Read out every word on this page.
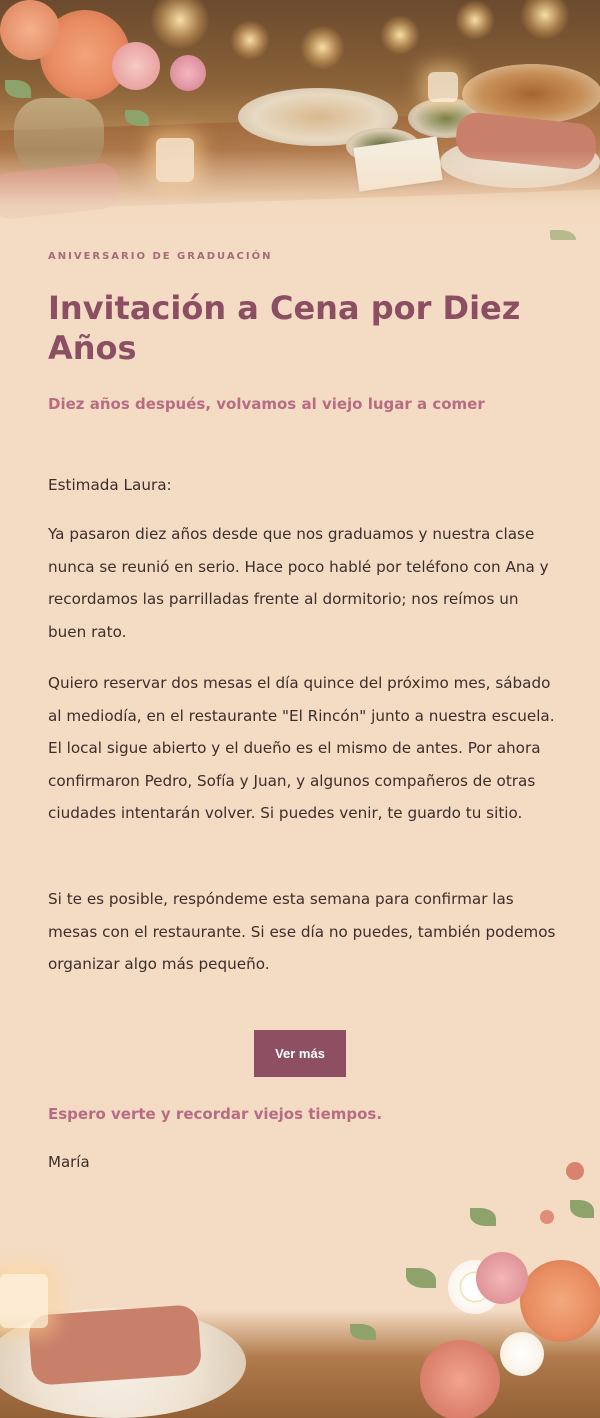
ANIVERSARIO DE GRADUACIÓN
Invitación a Cena por Diez Años

Diez años después, volvamos al viejo lugar a comer

Estimada Laura:

Ya pasaron diez años desde que nos graduamos y nuestra clase nunca se reunió en serio. Hace poco hablé por teléfono con Ana y recordamos las parrilladas frente al dormitorio; nos reímos un buen rato.

Quiero reservar dos mesas el día quince del próximo mes, sábado al mediodía, en el restaurante "El Rincón" junto a nuestra escuela. El local sigue abierto y el dueño es el mismo de antes. Por ahora confirmaron Pedro, Sofía y Juan, y algunos compañeros de otras ciudades intentarán volver. Si puedes venir, te guardo tu sitio.

Si te es posible, respóndeme esta semana para confirmar las mesas con el restaurante. Si ese día no puedes, también podemos organizar algo más pequeño.

Ver más

Espero verte y recordar viejos tiempos.

María
